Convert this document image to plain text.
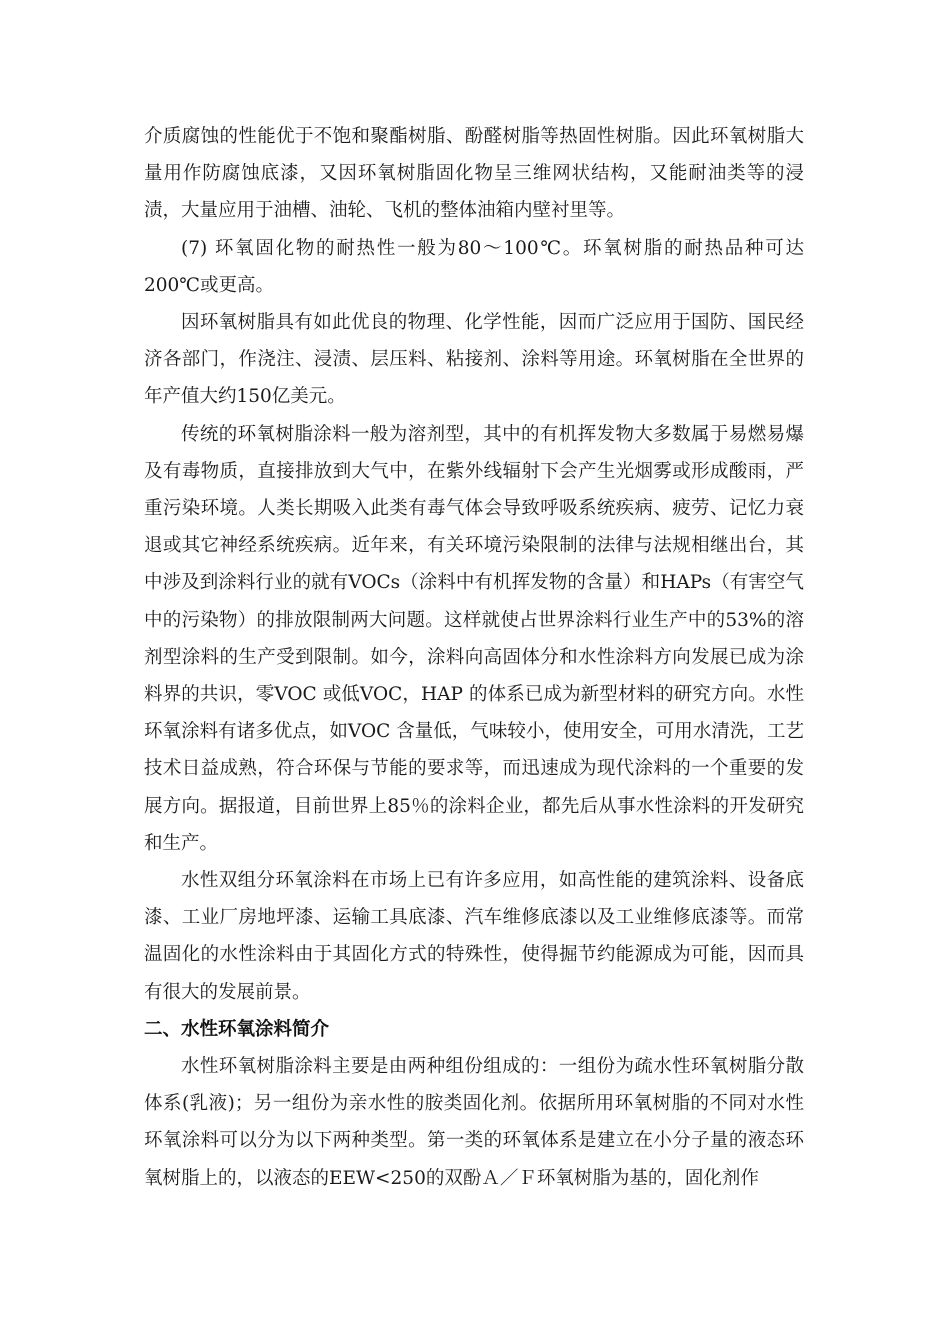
介质腐蚀的性能优于不饱和聚酯树脂、酚醛树脂等热固性树脂。因此环氧树脂大量用作防腐蚀底漆，又因环氧树脂固化物呈三维网状结构，又能耐油类等的浸渍，大量应用于油槽、油轮、飞机的整体油箱内壁衬里等。

(7) 环氧固化物的耐热性一般为80～100℃。环氧树脂的耐热品种可达200℃或更高。

因环氧树脂具有如此优良的物理、化学性能，因而广泛应用于国防、国民经济各部门，作浇注、浸渍、层压料、粘接剂、涂料等用途。环氧树脂在全世界的年产值大约150亿美元。

传统的环氧树脂涂料一般为溶剂型，其中的有机挥发物大多数属于易燃易爆及有毒物质，直接排放到大气中，在紫外线辐射下会产生光烟雾或形成酸雨，严重污染环境。人类长期吸入此类有毒气体会导致呼吸系统疾病、疲劳、记忆力衰退或其它神经系统疾病。近年来，有关环境污染限制的法律与法规相继出台，其中涉及到涂料行业的就有VOCs（涂料中有机挥发物的含量）和HAPs（有害空气中的污染物）的排放限制两大问题。这样就使占世界涂料行业生产中的53%的溶剂型涂料的生产受到限制。如今，涂料向高固体分和水性涂料方向发展已成为涂料界的共识，零VOC 或低VOC，HAP 的体系已成为新型材料的研究方向。水性环氧涂料有诸多优点，如VOC 含量低，气味较小，使用安全，可用水清洗，工艺技术日益成熟，符合环保与节能的要求等，而迅速成为现代涂料的一个重要的发展方向。据报道，目前世界上85％的涂料企业，都先后从事水性涂料的开发研究和生产。

水性双组分环氧涂料在市场上已有许多应用，如高性能的建筑涂料、设备底漆、工业厂房地坪漆、运输工具底漆、汽车维修底漆以及工业维修底漆等。而常温固化的水性涂料由于其固化方式的特殊性，使得掘节约能源成为可能，因而具有很大的发展前景。

二、水性环氧涂料简介

水性环氧树脂涂料主要是由两种组份组成的：一组份为疏水性环氧树脂分散体系(乳液)；另一组份为亲水性的胺类固化剂。依据所用环氧树脂的不同对水性环氧涂料可以分为以下两种类型。第一类的环氧体系是建立在小分子量的液态环氧树脂上的，以液态的EEW<250的双酚Ａ／Ｆ环氧树脂为基的，固化剂作
